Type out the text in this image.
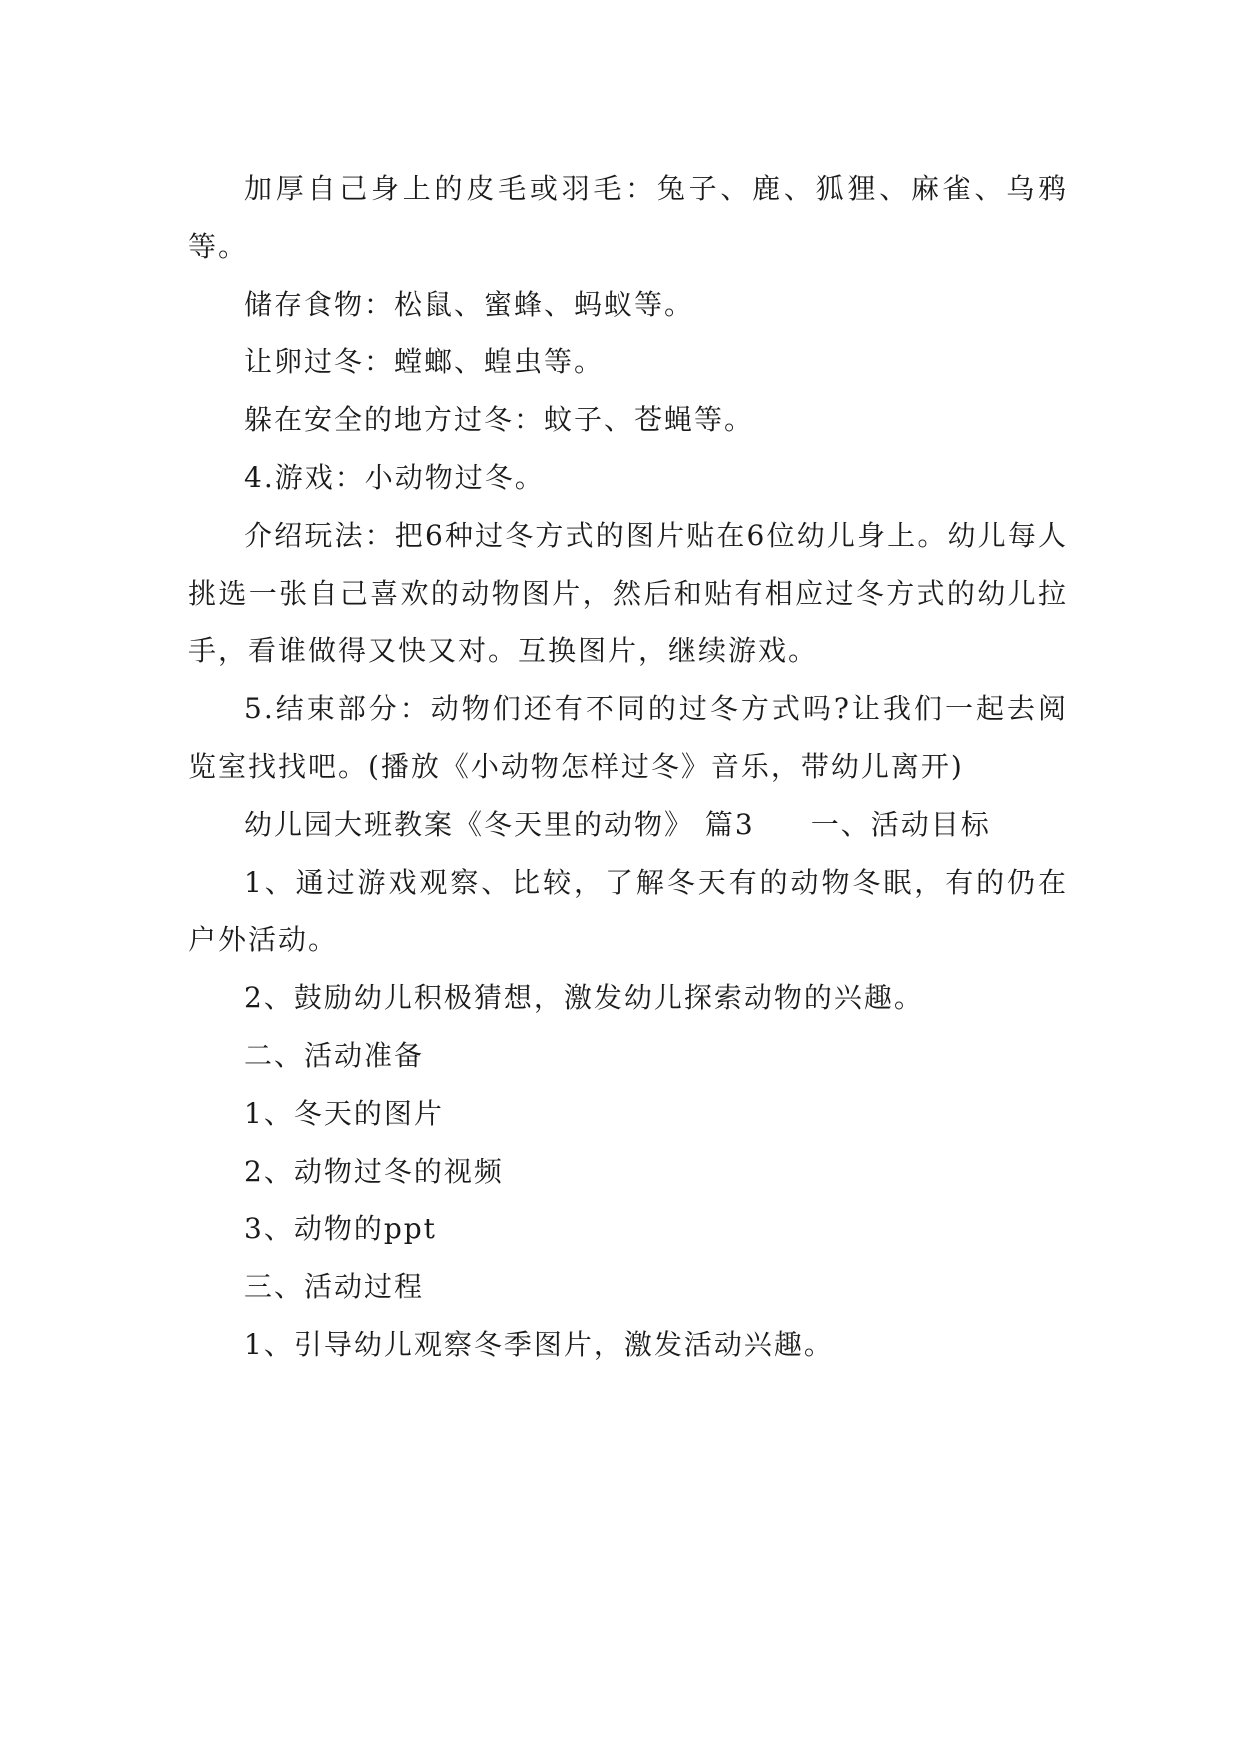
加厚自己身上的皮毛或羽毛：兔子、鹿、狐狸、麻雀、乌鸦等。

储存食物：松鼠、蜜蜂、蚂蚁等。

让卵过冬：螳螂、蝗虫等。

躲在安全的地方过冬：蚊子、苍蝇等。

4.游戏：小动物过冬。

介绍玩法：把6种过冬方式的图片贴在6位幼儿身上。幼儿每人挑选一张自己喜欢的动物图片，然后和贴有相应过冬方式的幼儿拉手，看谁做得又快又对。互换图片，继续游戏。

5.结束部分：动物们还有不同的过冬方式吗?让我们一起去阅览室找找吧。(播放《小动物怎样过冬》音乐，带幼儿离开)

幼儿园大班教案《冬天里的动物》 篇3 一、活动目标

1、通过游戏观察、比较，了解冬天有的动物冬眠，有的仍在户外活动。

2、鼓励幼儿积极猜想，激发幼儿探索动物的兴趣。

二、活动准备

1、冬天的图片

2、动物过冬的视频

3、动物的ppt

三、活动过程

1、引导幼儿观察冬季图片，激发活动兴趣。
